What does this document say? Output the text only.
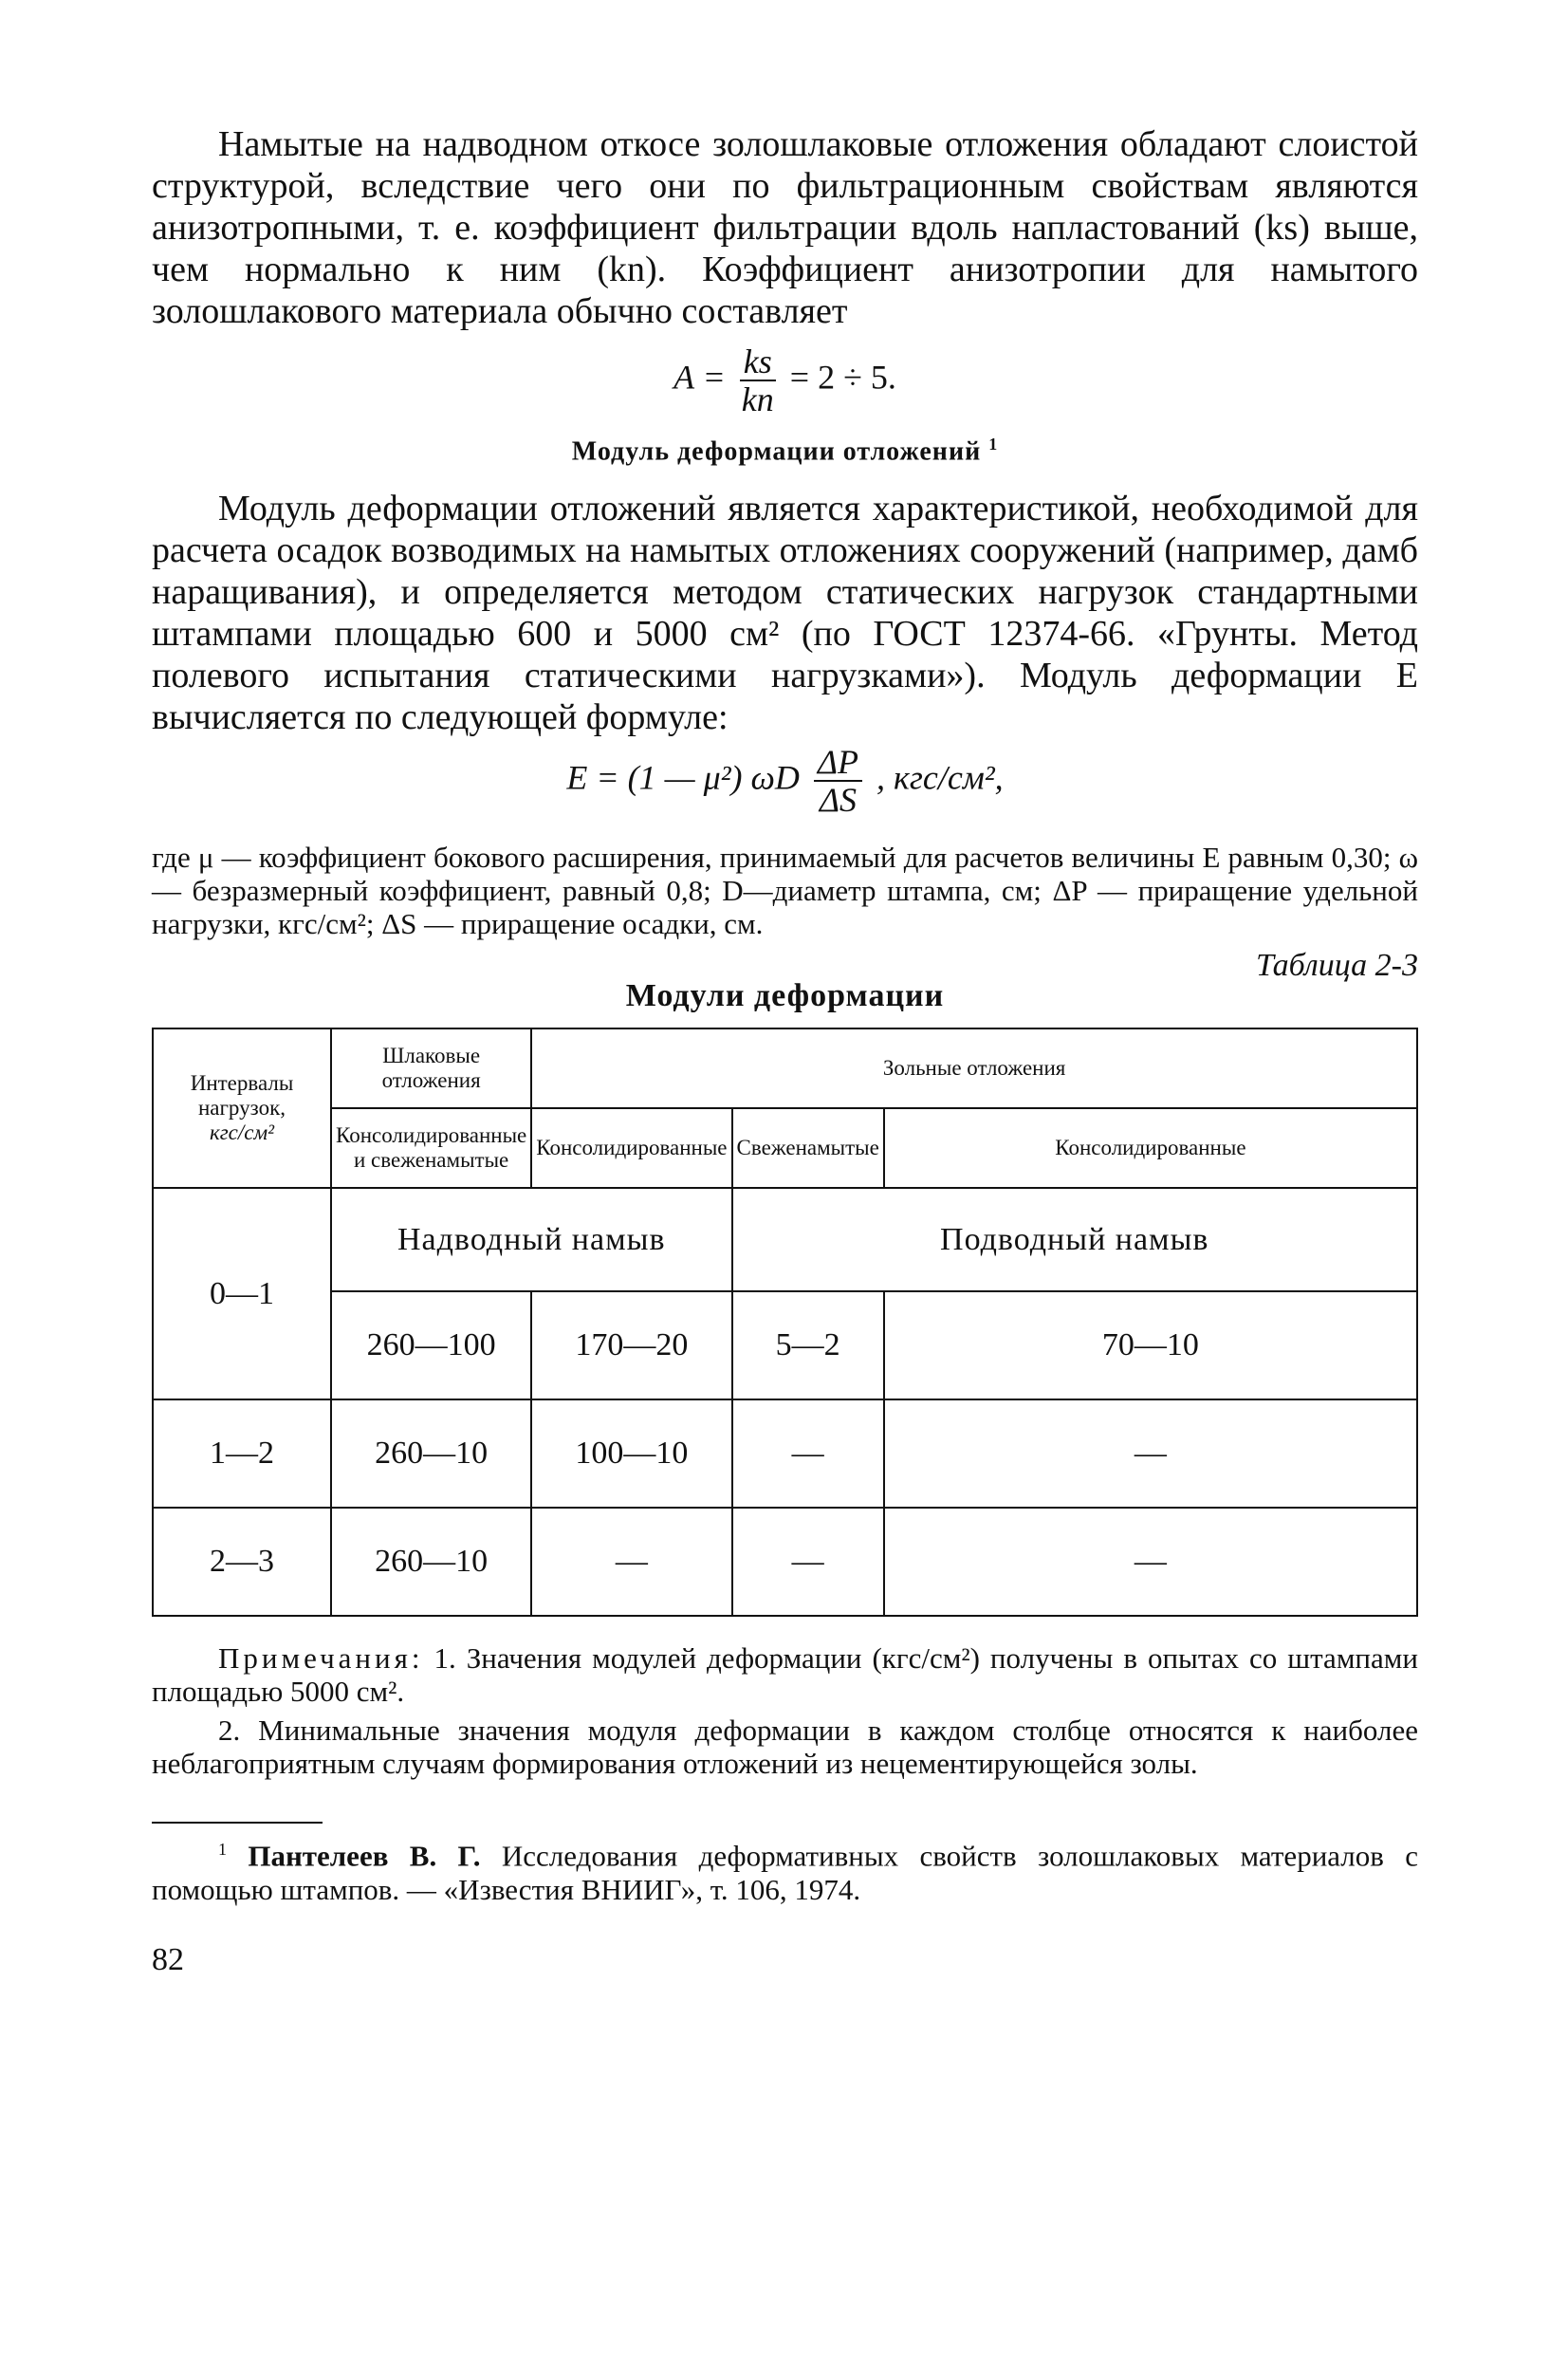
Намытые на надводном откосе золошлаковые отложения обладают слоистой структурой, вследствие чего они по фильтрационным свойствам являются анизотропными, т. е. коэффициент фильтрации вдоль напластований (ks) выше, чем нормально к ним (kn). Коэффициент анизотропии для намытого золошлакового материала обычно составляет

$A = \frac{ks}{kn} = 2 \div 5$.
Модуль деформации отложений $^1$

Модуль деформации отложений является характеристикой, необходимой для расчета осадок возводимых на намытых отложениях сооружений (например, дамб наращивания), и определяется методом статических нагрузок стандартными штампами площадью 600 и 5000 см² (по ГОСТ 12374-66. «Грунты. Метод полевого испытания статическими нагрузками»). Модуль деформации E вычисляется по следующей формуле:

E = (1 — μ²) ωD $\frac{\Delta P}{\Delta S}$ , кгс/см²,

где μ — коэффициент бокового расширения, принимаемый для расчетов величины E равным 0,30; ω — безразмерный коэффициент, равный 0,8; D—диаметр штампа, см; ΔP — приращение удельной нагрузки, кгс/см²; ΔS — приращение осадки, см.

Таблица 2-3
Модули деформации
Интервалы нагрузок,
кгс/см²	Шлаковые отложения	Зольные отложения		
	Консолидированные и свеженамытые	Консолидированные	Свеженамытые	Консолидированные
0—1	Надводный намыв		Подводный намыв	
	260—100	170—20	5—2	70—10
1—2	260—10	100—10	—	—
2—3	260—10	—	—	—

Примечания: 1. Значения модулей деформации (кгс/см²) получены в опытах со штампами площадью 5000 см².

2. Минимальные значения модуля деформации в каждом столбце относятся к наиболее неблагоприятным случаям формирования отложений из нецементирующейся золы.

$^1$ Пантелеев В. Г. Исследования деформативных свойств золошлаковых материалов с помощью штампов. — «Известия ВНИИГ», т. 106, 1974.

82
